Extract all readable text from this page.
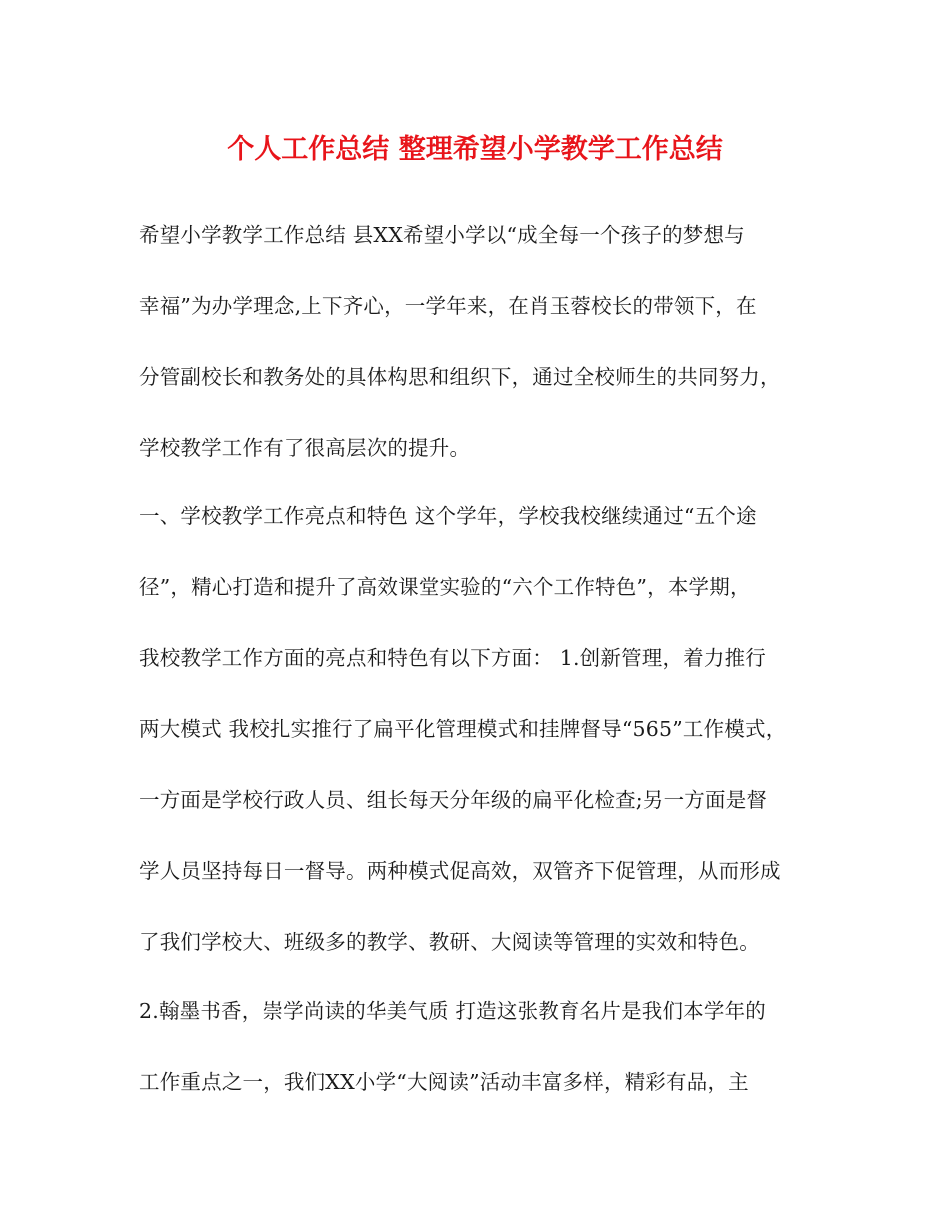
个人工作总结 整理希望小学教学工作总结
希望小学教学工作总结 县XX希望小学以“成全每一个孩子的梦想与
幸福”为办学理念,上下齐心，一学年来，在肖玉蓉校长的带领下，在
分管副校长和教务处的具体构思和组织下，通过全校师生的共同努力，
学校教学工作有了很高层次的提升。
一、学校教学工作亮点和特色 这个学年，学校我校继续通过“五个途
径”，精心打造和提升了高效课堂实验的“六个工作特色”，本学期，
我校教学工作方面的亮点和特色有以下方面： 1.创新管理，着力推行
两大模式 我校扎实推行了扁平化管理模式和挂牌督导“565”工作模式，
一方面是学校行政人员、组长每天分年级的扁平化检查;另一方面是督
学人员坚持每日一督导。两种模式促高效，双管齐下促管理，从而形成
了我们学校大、班级多的教学、教研、大阅读等管理的实效和特色。
2.翰墨书香，崇学尚读的华美气质 打造这张教育名片是我们本学年的
工作重点之一，我们XX小学“大阅读”活动丰富多样，精彩有品，主
